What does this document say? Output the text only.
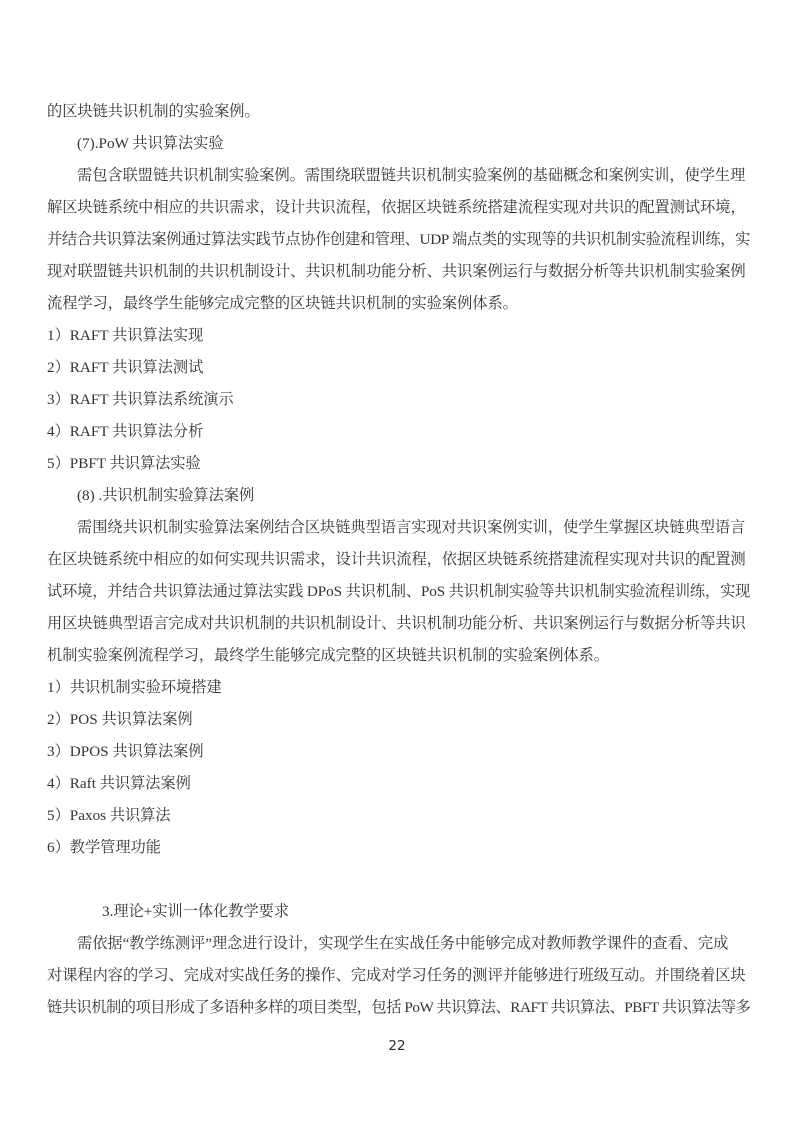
的区块链共识机制的实验案例。
(7).PoW 共识算法实验
需包含联盟链共识机制实验案例。需围绕联盟链共识机制实验案例的基础概念和案例实训，使学生理
解区块链系统中相应的共识需求，设计共识流程，依据区块链系统搭建流程实现对共识的配置测试环境，
并结合共识算法案例通过算法实践节点协作创建和管理、UDP 端点类的实现等的共识机制实验流程训练，实
现对联盟链共识机制的共识机制设计、共识机制功能分析、共识案例运行与数据分析等共识机制实验案例
流程学习，最终学生能够完成完整的区块链共识机制的实验案例体系。
1）RAFT 共识算法实现
2）RAFT 共识算法测试
3）RAFT 共识算法系统演示
4）RAFT 共识算法分析
5）PBFT 共识算法实验
(8) .共识机制实验算法案例
需围绕共识机制实验算法案例结合区块链典型语言实现对共识案例实训，使学生掌握区块链典型语言
在区块链系统中相应的如何实现共识需求，设计共识流程，依据区块链系统搭建流程实现对共识的配置测
试环境，并结合共识算法通过算法实践 DPoS 共识机制、PoS 共识机制实验等共识机制实验流程训练，实现
用区块链典型语言完成对共识机制的共识机制设计、共识机制功能分析、共识案例运行与数据分析等共识
机制实验案例流程学习，最终学生能够完成完整的区块链共识机制的实验案例体系。
1）共识机制实验环境搭建
2）POS 共识算法案例
3）DPOS 共识算法案例
4）Raft 共识算法案例
5）Paxos 共识算法
6）教学管理功能
3.理论+实训一体化教学要求
需依据“教学练测评”理念进行设计，实现学生在实战任务中能够完成对教师教学课件的查看、完成
对课程内容的学习、完成对实战任务的操作、完成对学习任务的测评并能够进行班级互动。并围绕着区块
链共识机制的项目形成了多语种多样的项目类型，包括 PoW 共识算法、RAFT 共识算法、PBFT 共识算法等多
22
